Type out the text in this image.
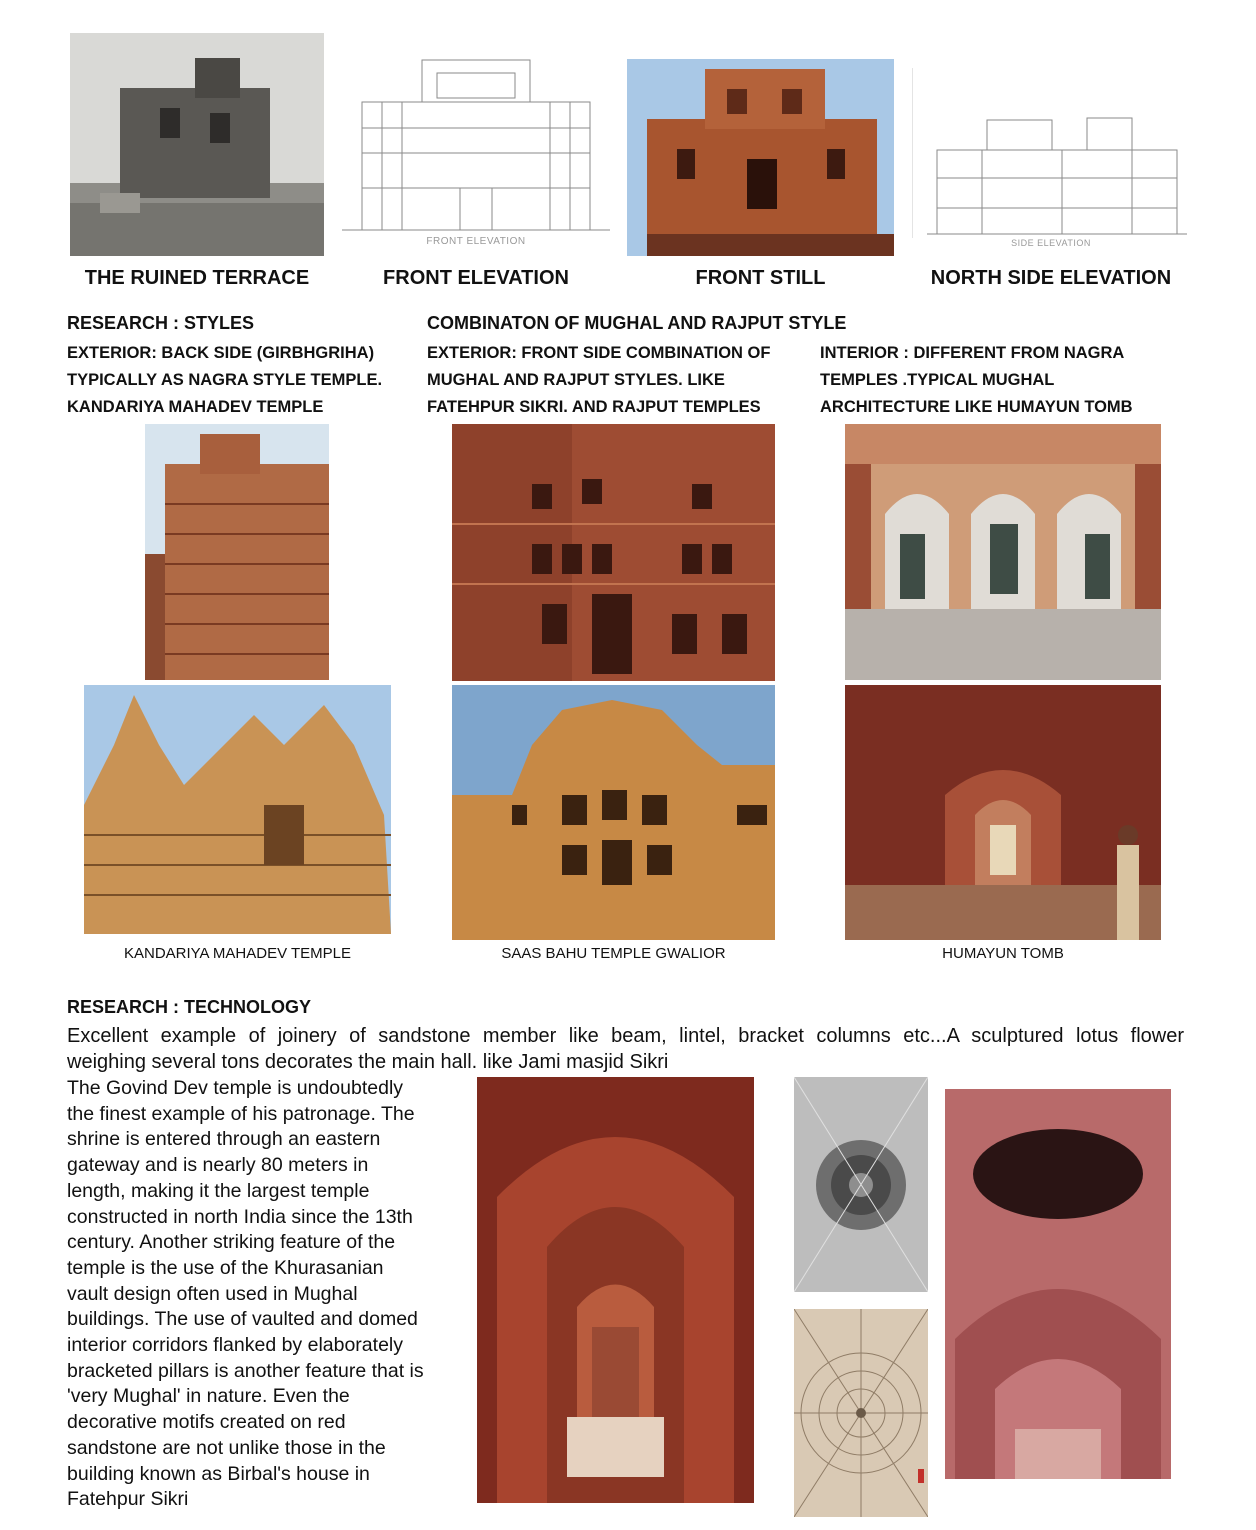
FRONT ELEVATION	SIDE ELEVATION
THE RUINED TERRACE	FRONT ELEVATION	FRONT STILL	NORTH SIDE ELEVATION
RESEARCH : STYLES	COMBINATON OF MUGHAL AND RAJPUT STYLE
EXTERIOR: BACK SIDE (GIRBHGRIHA)
TYPICALLY AS NAGRA STYLE TEMPLE.
KANDARIYA MAHADEV TEMPLE
EXTERIOR: FRONT SIDE COMBINATION OF
MUGHAL AND RAJPUT STYLES. LIKE
FATEHPUR SIKRI. AND RAJPUT TEMPLES
INTERIOR : DIFFERENT FROM NAGRA
TEMPLES .TYPICAL MUGHAL
ARCHITECTURE LIKE HUMAYUN TOMB
KANDARIYA MAHADEV TEMPLE	SAAS BAHU TEMPLE GWALIOR	HUMAYUN TOMB
RESEARCH : TECHNOLOGY
Excellent example of joinery of sandstone member like beam, lintel, bracket columns etc...A sculptured lotus flower
weighing several tons decorates the main hall. like Jami masjid Sikri
The Govind Dev temple is undoubtedly
the finest example of his patronage. The
shrine is entered through an eastern
gateway and is nearly 80 meters in
length, making it the largest temple
constructed in north India since the 13th
century. Another striking feature of the
temple is the use of the Khurasanian
vault design often used in Mughal
buildings. The use of vaulted and domed
interior corridors flanked by elaborately
bracketed pillars is another feature that is
'very Mughal' in nature. Even the
decorative motifs created on red
sandstone are not unlike those in the
building known as Birbal's house in
Fatehpur Sikri
